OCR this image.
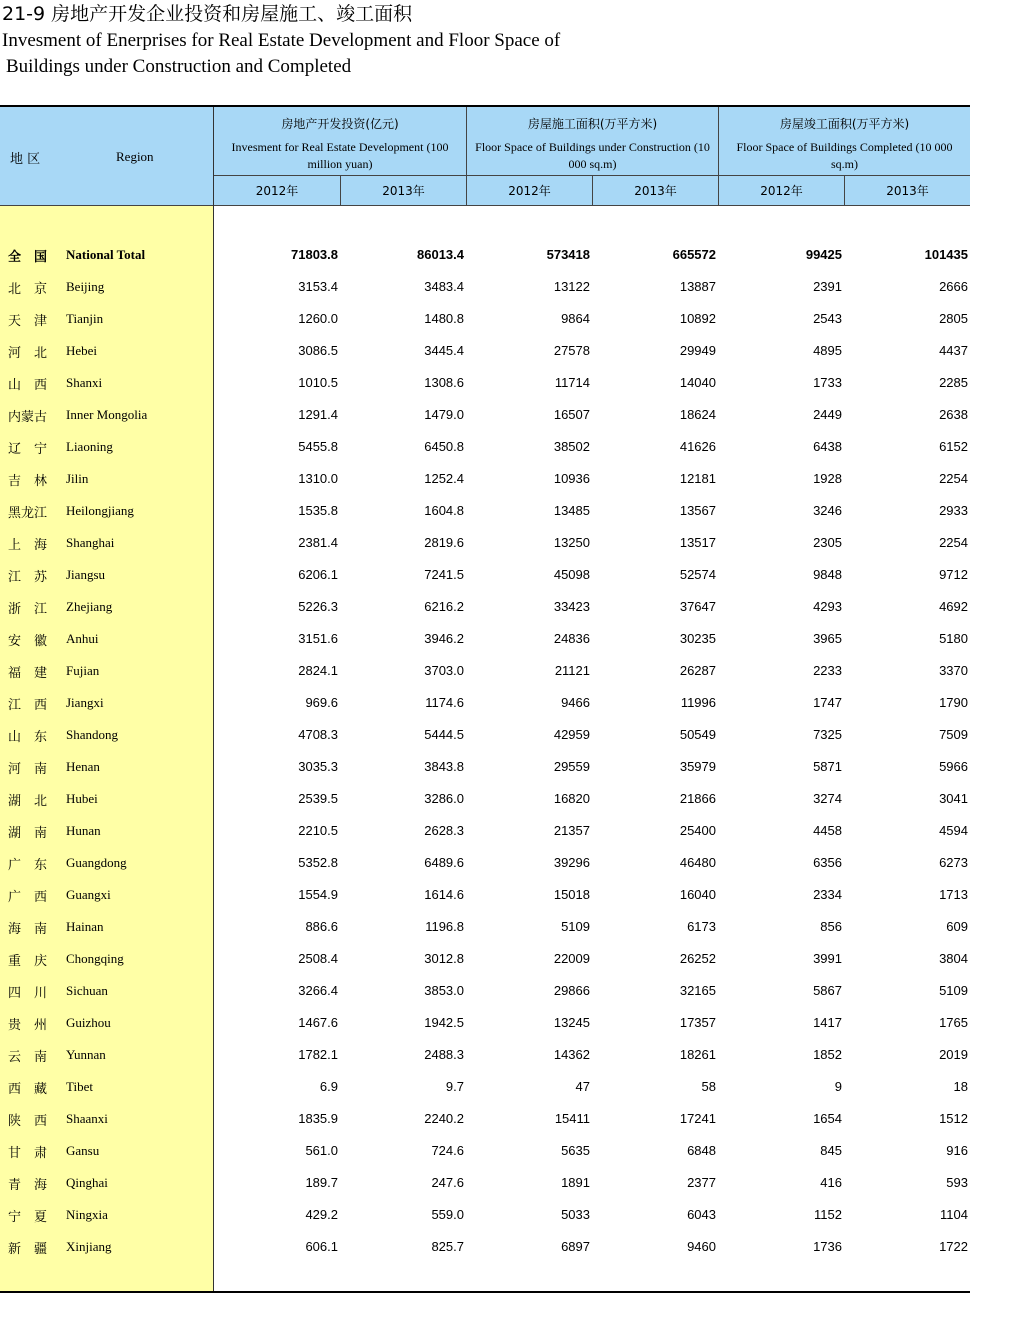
21-9 房地产开发企业投资和房屋施工、竣工面积
Invesment of Enerprises for Real Estate Development and Floor Space of
Buildings under Construction and Completed
地 区	Region
房地产开发投资(亿元)
Invesment for Real Estate Development (100 million yuan)
房屋施工面积(万平方米)
Floor Space of Buildings under Construction (10 000 sq.m)
房屋竣工面积(万平方米)
Floor Space of Buildings Completed (10 000 sq.m)
2012年	2013年	2012年	2013年	2012年	2013年
全　国 National Total	71803.8	86013.4	573418	665572	99425	101435
北　京 Beijing	3153.4	3483.4	13122	13887	2391	2666
天　津 Tianjin	1260.0	1480.8	9864	10892	2543	2805
河　北 Hebei	3086.5	3445.4	27578	29949	4895	4437
山　西 Shanxi	1010.5	1308.6	11714	14040	1733	2285
内蒙古 Inner Mongolia	1291.4	1479.0	16507	18624	2449	2638
辽　宁 Liaoning	5455.8	6450.8	38502	41626	6438	6152
吉　林 Jilin	1310.0	1252.4	10936	12181	1928	2254
黑龙江 Heilongjiang	1535.8	1604.8	13485	13567	3246	2933
上　海 Shanghai	2381.4	2819.6	13250	13517	2305	2254
江　苏 Jiangsu	6206.1	7241.5	45098	52574	9848	9712
浙　江 Zhejiang	5226.3	6216.2	33423	37647	4293	4692
安　徽 Anhui	3151.6	3946.2	24836	30235	3965	5180
福　建 Fujian	2824.1	3703.0	21121	26287	2233	3370
江　西 Jiangxi	969.6	1174.6	9466	11996	1747	1790
山　东 Shandong	4708.3	5444.5	42959	50549	7325	7509
河　南 Henan	3035.3	3843.8	29559	35979	5871	5966
湖　北 Hubei	2539.5	3286.0	16820	21866	3274	3041
湖　南 Hunan	2210.5	2628.3	21357	25400	4458	4594
广　东 Guangdong	5352.8	6489.6	39296	46480	6356	6273
广　西 Guangxi	1554.9	1614.6	15018	16040	2334	1713
海　南 Hainan	886.6	1196.8	5109	6173	856	609
重　庆 Chongqing	2508.4	3012.8	22009	26252	3991	3804
四　川 Sichuan	3266.4	3853.0	29866	32165	5867	5109
贵　州 Guizhou	1467.6	1942.5	13245	17357	1417	1765
云　南 Yunnan	1782.1	2488.3	14362	18261	1852	2019
西　藏 Tibet	6.9	9.7	47	58	9	18
陕　西 Shaanxi	1835.9	2240.2	15411	17241	1654	1512
甘　肃 Gansu	561.0	724.6	5635	6848	845	916
青　海 Qinghai	189.7	247.6	1891	2377	416	593
宁　夏 Ningxia	429.2	559.0	5033	6043	1152	1104
新　疆 Xinjiang	606.1	825.7	6897	9460	1736	1722
